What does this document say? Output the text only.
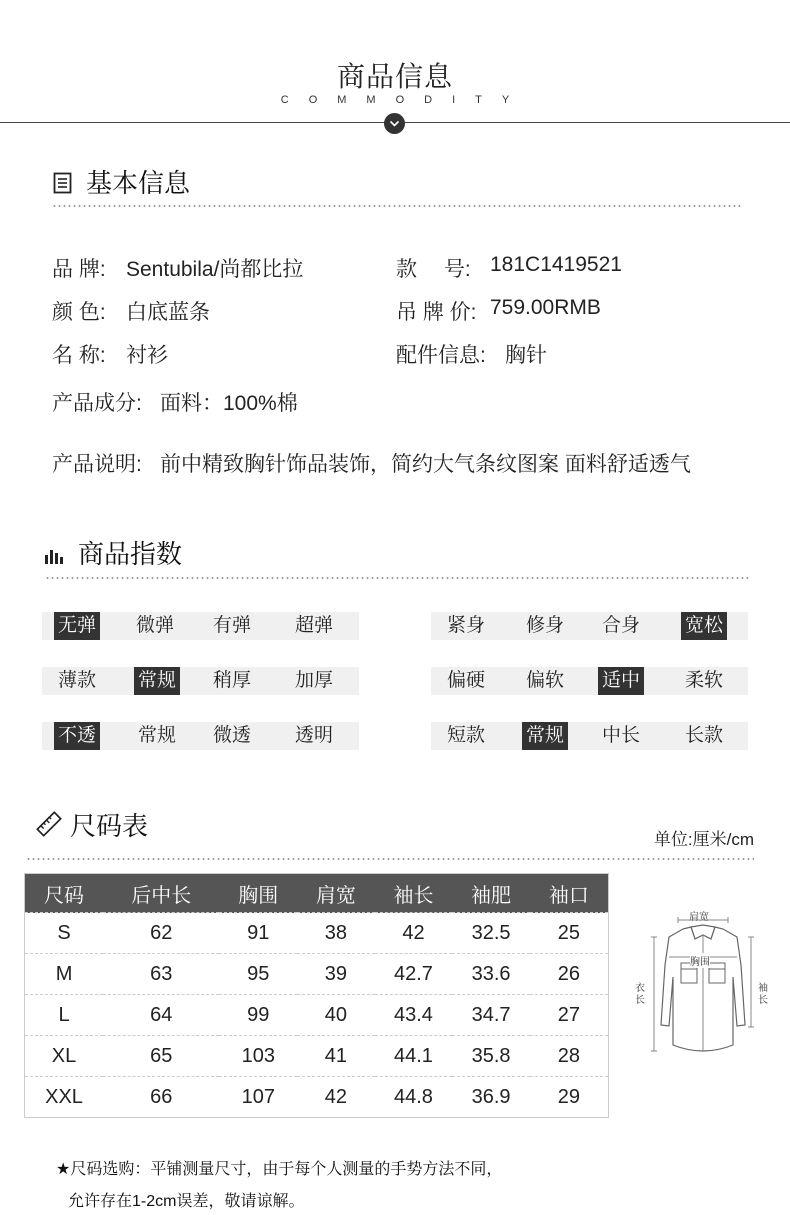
商品信息
COMMODITY
基本信息
品 牌: Sentubila/尚都比拉	款　 号: 181C1419521
颜 色: 白底蓝条	吊 牌 价: 759.00RMB
名 称: 衬衫	配件信息: 胸针
产品成分: 面料：100%棉
产品说明: 前中精致胸针饰品装饰，简约大气条纹图案 面料舒适透气
商品指数
无弹 微弹 有弹 超弹
薄款 常规 稍厚 加厚
不透 常规 微透 透明
紧身 修身 合身 宽松
偏硬 偏软 适中 柔软
短款 常规 中长 长款
尺码表	单位:厘米/cm
尺码	后中长	胸围	肩宽	袖长	袖肥	袖口
S	62	91	38	42	32.5	25
M	63	95	39	42.7	33.6	26
L	64	99	40	43.4	34.7	27
XL	65	103	41	44.1	35.8	28
XXL	66	107	42	44.8	36.9	29
肩宽
胸围
衣长
袖长
★尺码选购：平铺测量尺寸，由于每个人测量的手势方法不同，
允许存在1-2cm误差，敬请谅解。
